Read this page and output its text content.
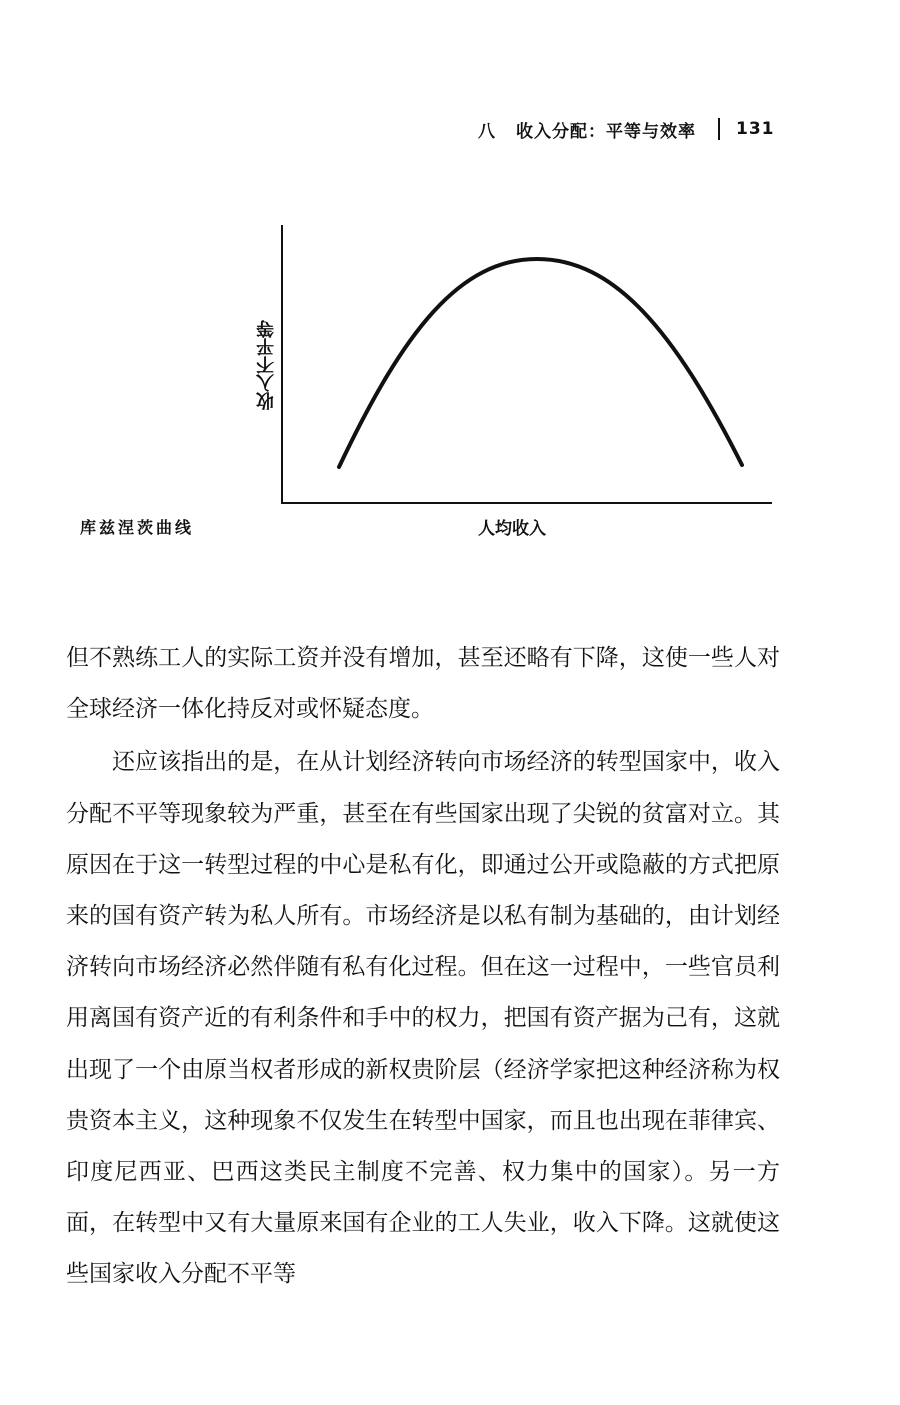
八 收入分配：平等与效率 131
收入不平等
人均收入
库兹涅茨曲线

但不熟练工人的实际工资并没有增加，甚至还略有下降，这使一些人对全球经济一体化持反对或怀疑态度。

还应该指出的是，在从计划经济转向市场经济的转型国家中，收入分配不平等现象较为严重，甚至在有些国家出现了尖锐的贫富对立。其原因在于这一转型过程的中心是私有化，即通过公开或隐蔽的方式把原来的国有资产转为私人所有。市场经济是以私有制为基础的，由计划经济转向市场经济必然伴随有私有化过程。但在这一过程中，一些官员利用离国有资产近的有利条件和手中的权力，把国有资产据为己有，这就出现了一个由原当权者形成的新权贵阶层（经济学家把这种经济称为权贵资本主义，这种现象不仅发生在转型中国家，而且也出现在菲律宾、印度尼西亚、巴西这类民主制度不完善、权力集中的国家）。另一方面，在转型中又有大量原来国有企业的工人失业，收入下降。这就使这些国家收入分配不平等
